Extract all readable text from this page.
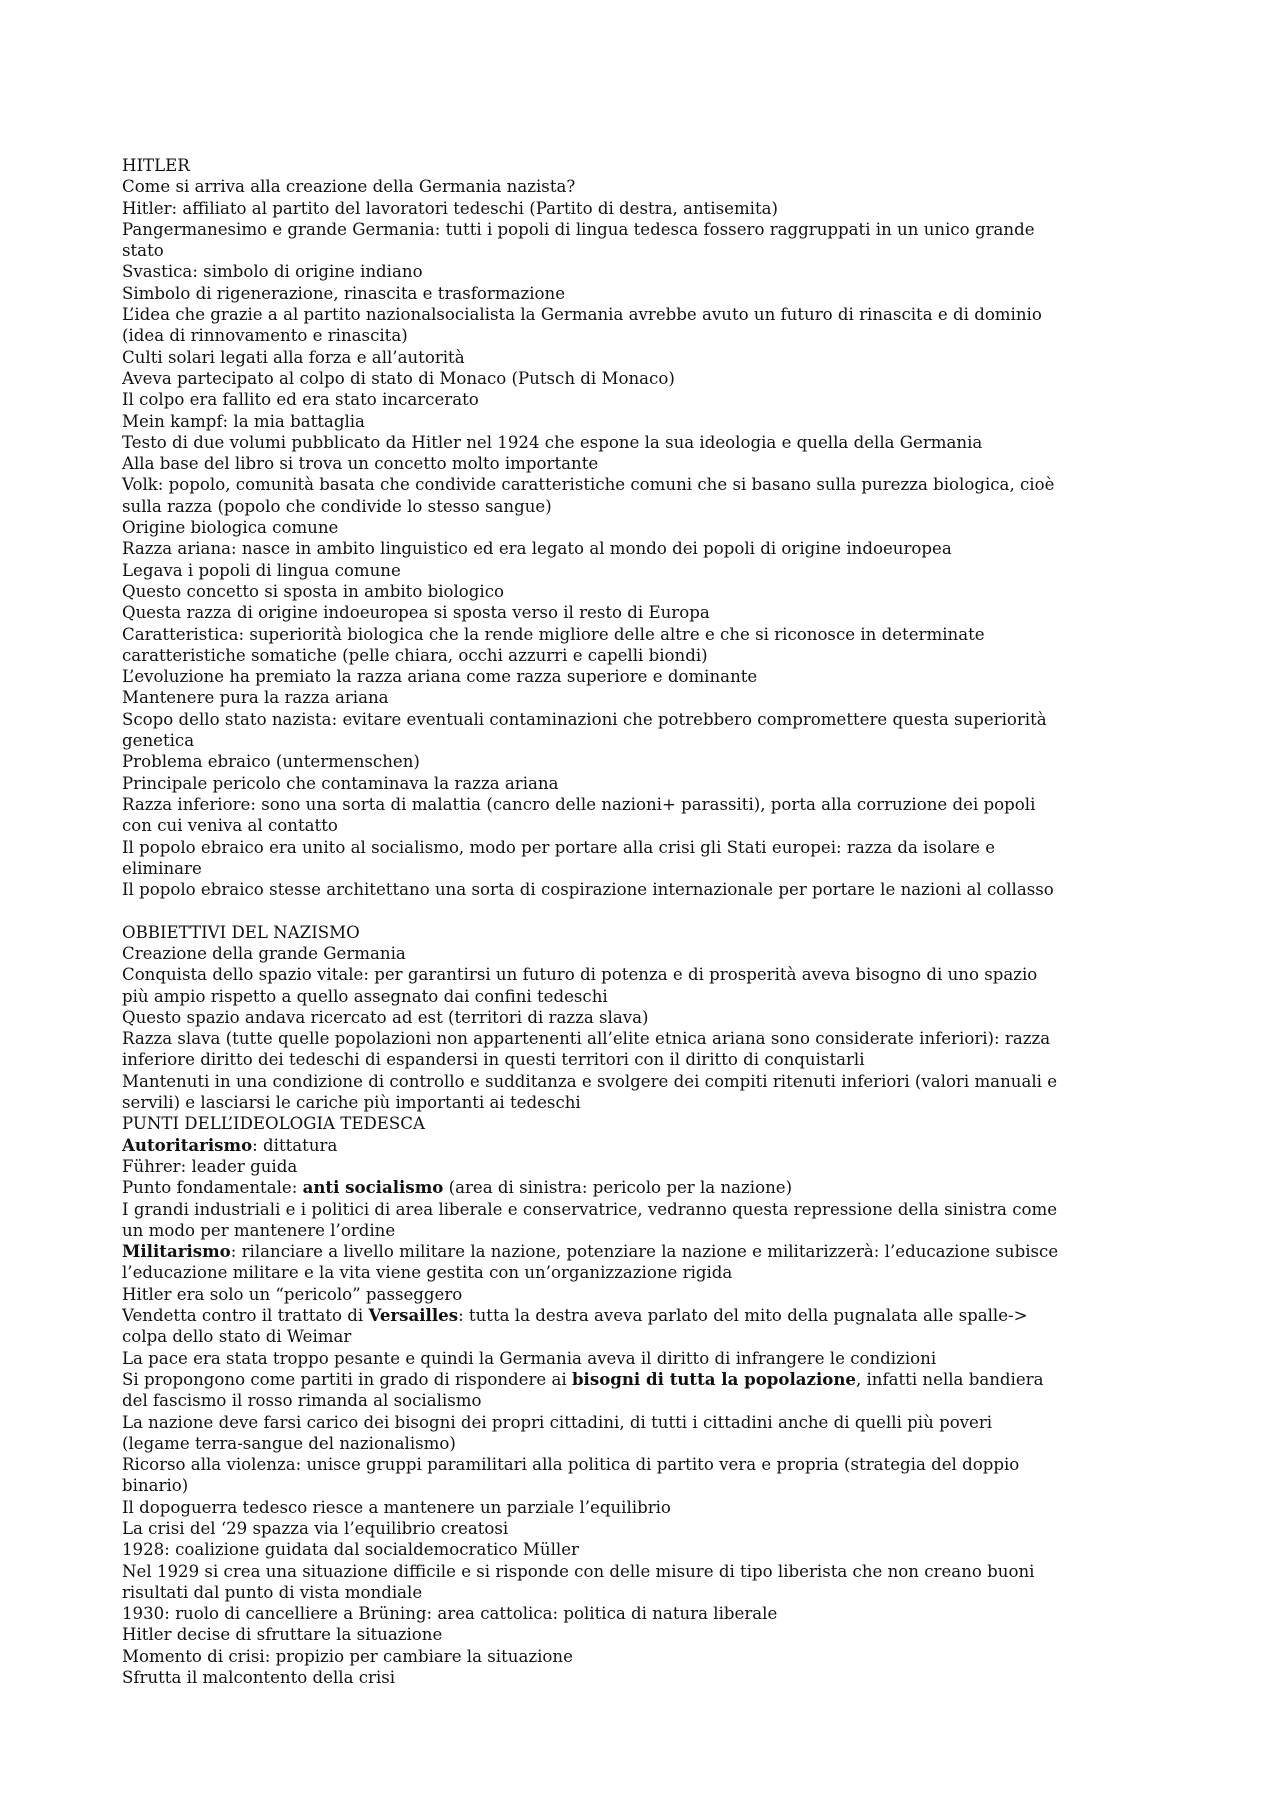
HITLER
Come si arriva alla creazione della Germania nazista?
Hitler: affiliato al partito del lavoratori tedeschi (Partito di destra, antisemita)
Pangermanesimo e grande Germania: tutti i popoli di lingua tedesca fossero raggruppati in un unico grande
stato
Svastica: simbolo di origine indiano
Simbolo di rigenerazione, rinascita e trasformazione
L’idea che grazie a al partito nazionalsocialista la Germania avrebbe avuto un futuro di rinascita e di dominio
(idea di rinnovamento e rinascita)
Culti solari legati alla forza e all’autorità
Aveva partecipato al colpo di stato di Monaco (Putsch di Monaco)
Il colpo era fallito ed era stato incarcerato
Mein kampf: la mia battaglia
Testo di due volumi pubblicato da Hitler nel 1924 che espone la sua ideologia e quella della Germania
Alla base del libro si trova un concetto molto importante
Volk: popolo, comunità basata che condivide caratteristiche comuni che si basano sulla purezza biologica, cioè
sulla razza (popolo che condivide lo stesso sangue)
Origine biologica comune
Razza ariana: nasce in ambito linguistico ed era legato al mondo dei popoli di origine indoeuropea
Legava i popoli di lingua comune
Questo concetto si sposta in ambito biologico
Questa razza di origine indoeuropea si sposta verso il resto di Europa
Caratteristica: superiorità biologica che la rende migliore delle altre e che si riconosce in determinate
caratteristiche somatiche (pelle chiara, occhi azzurri e capelli biondi)
L’evoluzione ha premiato la razza ariana come razza superiore e dominante
Mantenere pura la razza ariana
Scopo dello stato nazista: evitare eventuali contaminazioni che potrebbero compromettere questa superiorità
genetica
Problema ebraico (untermenschen)
Principale pericolo che contaminava la razza ariana
Razza inferiore: sono una sorta di malattia (cancro delle nazioni+ parassiti), porta alla corruzione dei popoli
con cui veniva al contatto
Il popolo ebraico era unito al socialismo, modo per portare alla crisi gli Stati europei: razza da isolare e
eliminare
Il popolo ebraico stesse architettano una sorta di cospirazione internazionale per portare le nazioni al collasso
OBBIETTIVI DEL NAZISMO
Creazione della grande Germania
Conquista dello spazio vitale: per garantirsi un futuro di potenza e di prosperità aveva bisogno di uno spazio
più ampio rispetto a quello assegnato dai confini tedeschi
Questo spazio andava ricercato ad est (territori di razza slava)
Razza slava (tutte quelle popolazioni non appartenenti all’elite etnica ariana sono considerate inferiori): razza
inferiore diritto dei tedeschi di espandersi in questi territori con il diritto di conquistarli
Mantenuti in una condizione di controllo e sudditanza e svolgere dei compiti ritenuti inferiori (valori manuali e
servili) e lasciarsi le cariche più importanti ai tedeschi
PUNTI DELL’IDEOLOGIA TEDESCA
Autoritarismo: dittatura
Führer: leader guida
Punto fondamentale: anti socialismo (area di sinistra: pericolo per la nazione)
I grandi industriali e i politici di area liberale e conservatrice, vedranno questa repressione della sinistra come
un modo per mantenere l’ordine
Militarismo: rilanciare a livello militare la nazione, potenziare la nazione e militarizzerà: l’educazione subisce
l’educazione militare e la vita viene gestita con un’organizzazione rigida
Hitler era solo un “pericolo” passeggero
Vendetta contro il trattato di Versailles: tutta la destra aveva parlato del mito della pugnalata alle spalle->
colpa dello stato di Weimar
La pace era stata troppo pesante e quindi la Germania aveva il diritto di infrangere le condizioni
Si propongono come partiti in grado di rispondere ai bisogni di tutta la popolazione, infatti nella bandiera
del fascismo il rosso rimanda al socialismo
La nazione deve farsi carico dei bisogni dei propri cittadini, di tutti i cittadini anche di quelli più poveri
(legame terra-sangue del nazionalismo)
Ricorso alla violenza: unisce gruppi paramilitari alla politica di partito vera e propria (strategia del doppio
binario)
Il dopoguerra tedesco riesce a mantenere un parziale l’equilibrio
La crisi del ‘29 spazza via l’equilibrio creatosi
1928: coalizione guidata dal socialdemocratico Müller
Nel 1929 si crea una situazione difficile e si risponde con delle misure di tipo liberista che non creano buoni
risultati dal punto di vista mondiale
1930: ruolo di cancelliere a Brüning: area cattolica: politica di natura liberale
Hitler decise di sfruttare la situazione
Momento di crisi: propizio per cambiare la situazione
Sfrutta il malcontento della crisi
